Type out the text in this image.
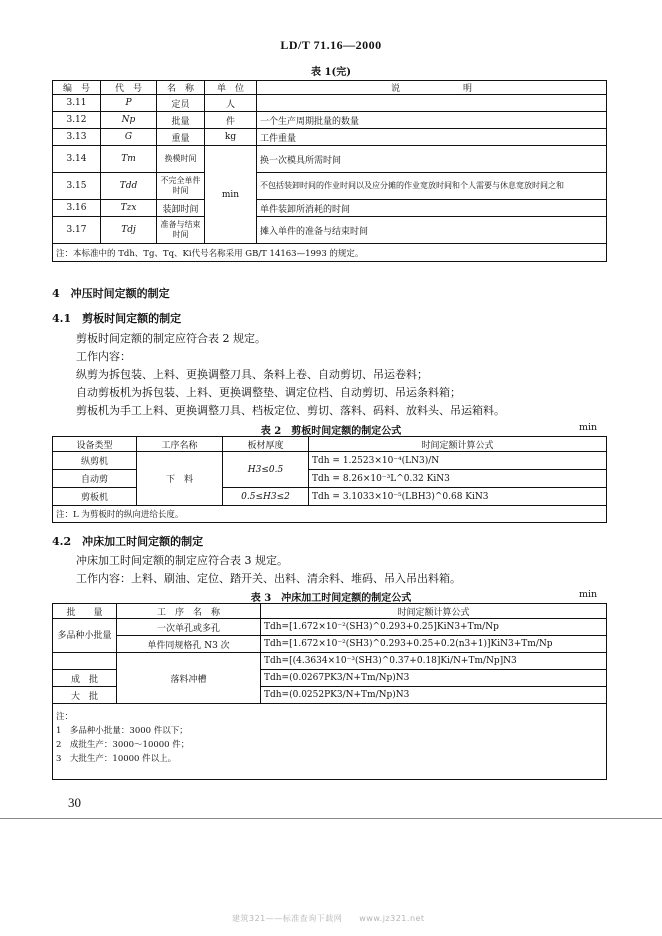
LD/T 71.16—2000
表 1(完)
编　号	代　号	名　称	单　位	说　　　　　　　明
3.11	P	定员	人	
3.12	Np	批量	件	一个生产周期批量的数量
3.13	G	重量	kg	工件重量
3.14	Tm	换模时间	min	换一次模具所需时间
3.15	Tdd	不完全单件时间		不包括装卸时间的作业时间以及应分摊的作业宽放时间和个人需要与休息宽放时间之和
3.16	Tzx	装卸时间		单件装卸所消耗的时间
3.17	Tdj	准备与结束时间		摊入单件的准备与结束时间
注：本标准中的 Tdh、Tg、Tq、Ki代号名称采用 GB/T 14163—1993 的规定。				
4　冲压时间定额的制定
4.1　剪板时间定额的制定
剪板时间定额的制定应符合表 2 规定。
工作内容：
纵剪为拆包装、上料、更换调整刀具、条料上卷、自动剪切、吊运卷料；
自动剪板机为拆包装、上料、更换调整垫、调定位档、自动剪切、吊运条料箱；
剪板机为手工上料、更换调整刀具、档板定位、剪切、落料、码料、放料头、吊运箱料。
表 2　剪板时间定额的制定公式	min
设备类型	工序名称	板材厚度	时间定额计算公式
纵剪机	下　料	H3≤0.5	Tdh = 1.2523×10⁻⁴(LN3)/N
自动剪			Tdh = 8.26×10⁻³L^0.32 KiN3
剪板机		0.5≤H3≤2	Tdh = 3.1033×10⁻⁵(LBH3)^0.68 KiN3
注：L 为剪板时的纵向进给长度。			
4.2　冲床加工时间定额的制定
冲床加工时间定额的制定应符合表 3 规定。
工作内容：上料、刷油、定位、踏开关、出料、清余料、堆码、吊入吊出料箱。
表 3　冲床加工时间定额的制定公式	min
批　　量	工　序　名　称	时间定额计算公式
多品种小批量	一次单孔或多孔	Tdh=[1.672×10⁻²(SH3)^0.293+0.25]KiN3+Tm/Np
	单件同规格孔 N3 次	Tdh=[1.672×10⁻²(SH3)^0.293+0.25+0.2(n3+1)]KiN3+Tm/Np
	落料冲槽	Tdh=[(4.3634×10⁻³(SH3)^0.37+0.18]Ki/N+Tm/Np]N3
成　批		Tdh=(0.0267PK3/N+Tm/Np)N3
大　批		Tdh=(0.0252PK3/N+Tm/Np)N3

注：
1　多品种小批量：3000 件以下；
2　成批生产：3000～10000 件；
3　大批生产：10000 件以上。		
30
建筑321——标准查询下载网　　www.jz321.net
